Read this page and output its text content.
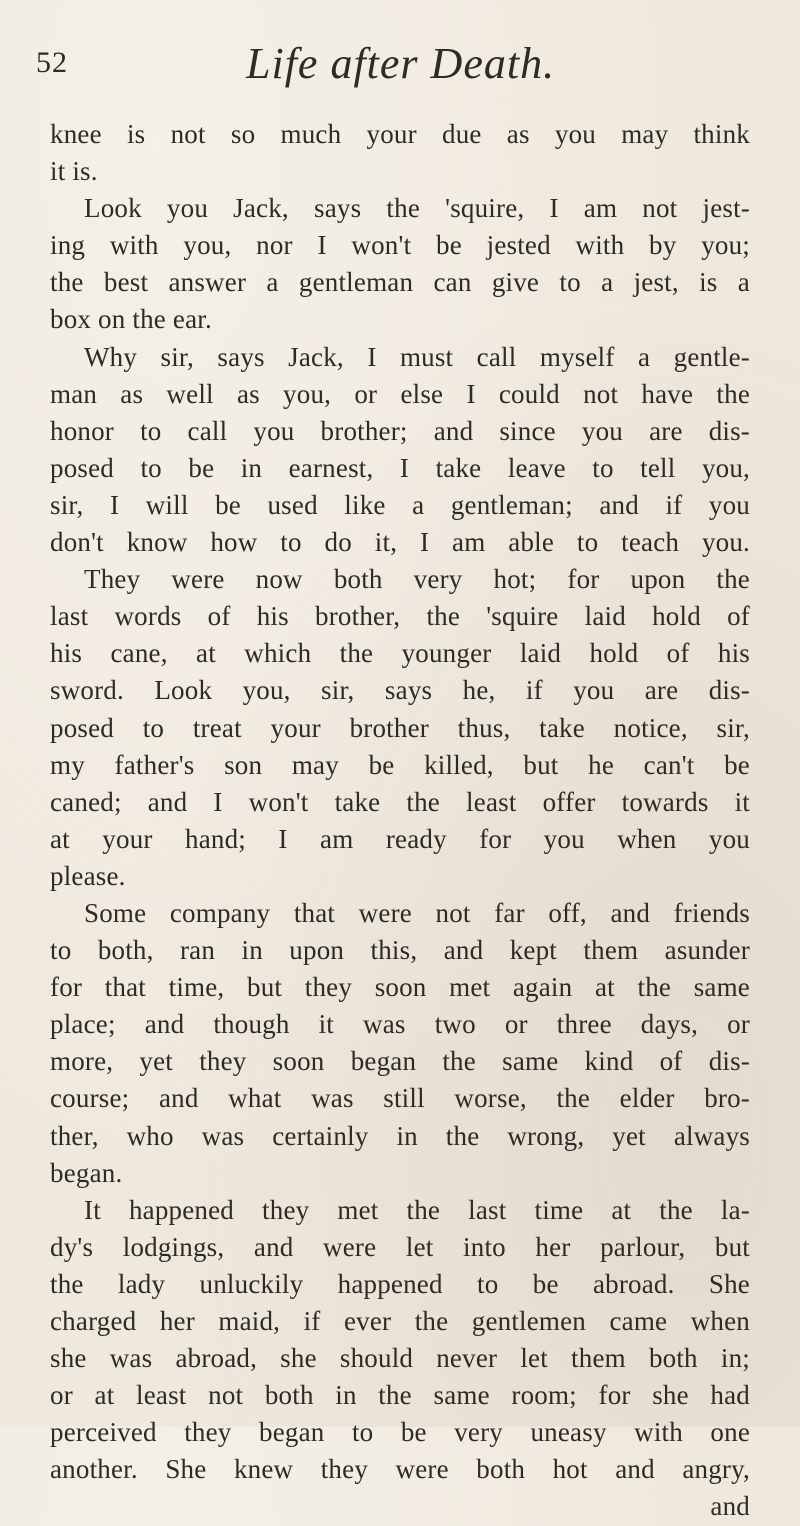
52	Life after Death.
knee is not so much your due as you may think
it is.
Look you Jack, says the 'squire, I am not jest-
ing with you, nor I won't be jested with by you;
the best answer a gentleman can give to a jest, is a
box on the ear.
Why sir, says Jack, I must call myself a gentle-
man as well as you, or else I could not have the
honor to call you brother; and since you are dis-
posed to be in earnest, I take leave to tell you,
sir, I will be used like a gentleman; and if you
don't know how to do it, I am able to teach you.
They were now both very hot; for upon the
last words of his brother, the 'squire laid hold of
his cane, at which the younger laid hold of his
sword. Look you, sir, says he, if you are dis-
posed to treat your brother thus, take notice, sir,
my father's son may be killed, but he can't be
caned; and I won't take the least offer towards it
at your hand; I am ready for you when you
please.
Some company that were not far off, and friends
to both, ran in upon this, and kept them asunder
for that time, but they soon met again at the same
place; and though it was two or three days, or
more, yet they soon began the same kind of dis-
course; and what was still worse, the elder bro-
ther, who was certainly in the wrong, yet always
began.
It happened they met the last time at the la-
dy's lodgings, and were let into her parlour, but
the lady unluckily happened to be abroad. She
charged her maid, if ever the gentlemen came when
she was abroad, she should never let them both in;
or at least not both in the same room; for she had
perceived they began to be very uneasy with one
another. She knew they were both hot and angry,
and
